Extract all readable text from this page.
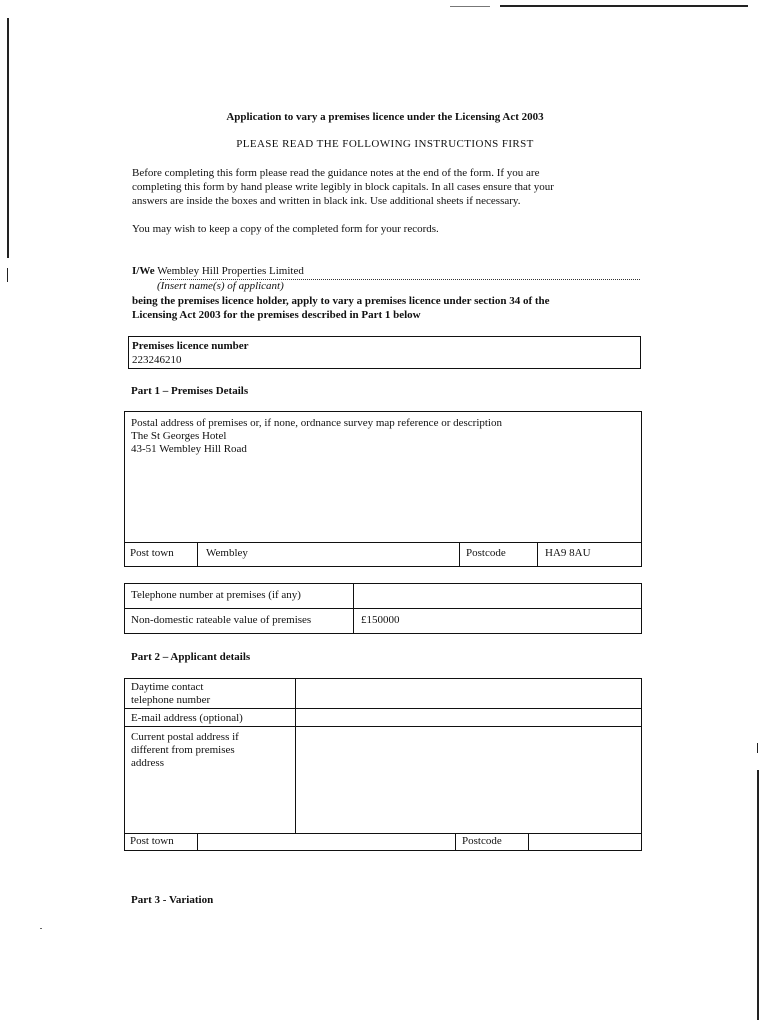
Application to vary a premises licence under the Licensing Act 2003
PLEASE READ THE FOLLOWING INSTRUCTIONS FIRST
Before completing this form please read the guidance notes at the end of the form. If you are
completing this form by hand please write legibly in block capitals. In all cases ensure that your
answers are inside the boxes and written in black ink. Use additional sheets if necessary.
You may wish to keep a copy of the completed form for your records.
I/We Wembley Hill Properties Limited
(Insert name(s) of applicant)
being the premises licence holder, apply to vary a premises licence under section 34 of the
Licensing Act 2003 for the premises described in Part 1 below
Premises licence number
223246210
Part 1 – Premises Details
Postal address of premises or, if none, ordnance survey map reference or description
The St Georges Hotel
43-51 Wembley Hill Road
Post town	Wembley	Postcode	HA9 8AU
Telephone number at premises (if any)
Non-domestic rateable value of premises	£150000
Part 2 – Applicant details
Daytime contact
telephone number
E-mail address (optional)
Current postal address if
different from premises
address
Post town	Postcode
Part 3 - Variation
